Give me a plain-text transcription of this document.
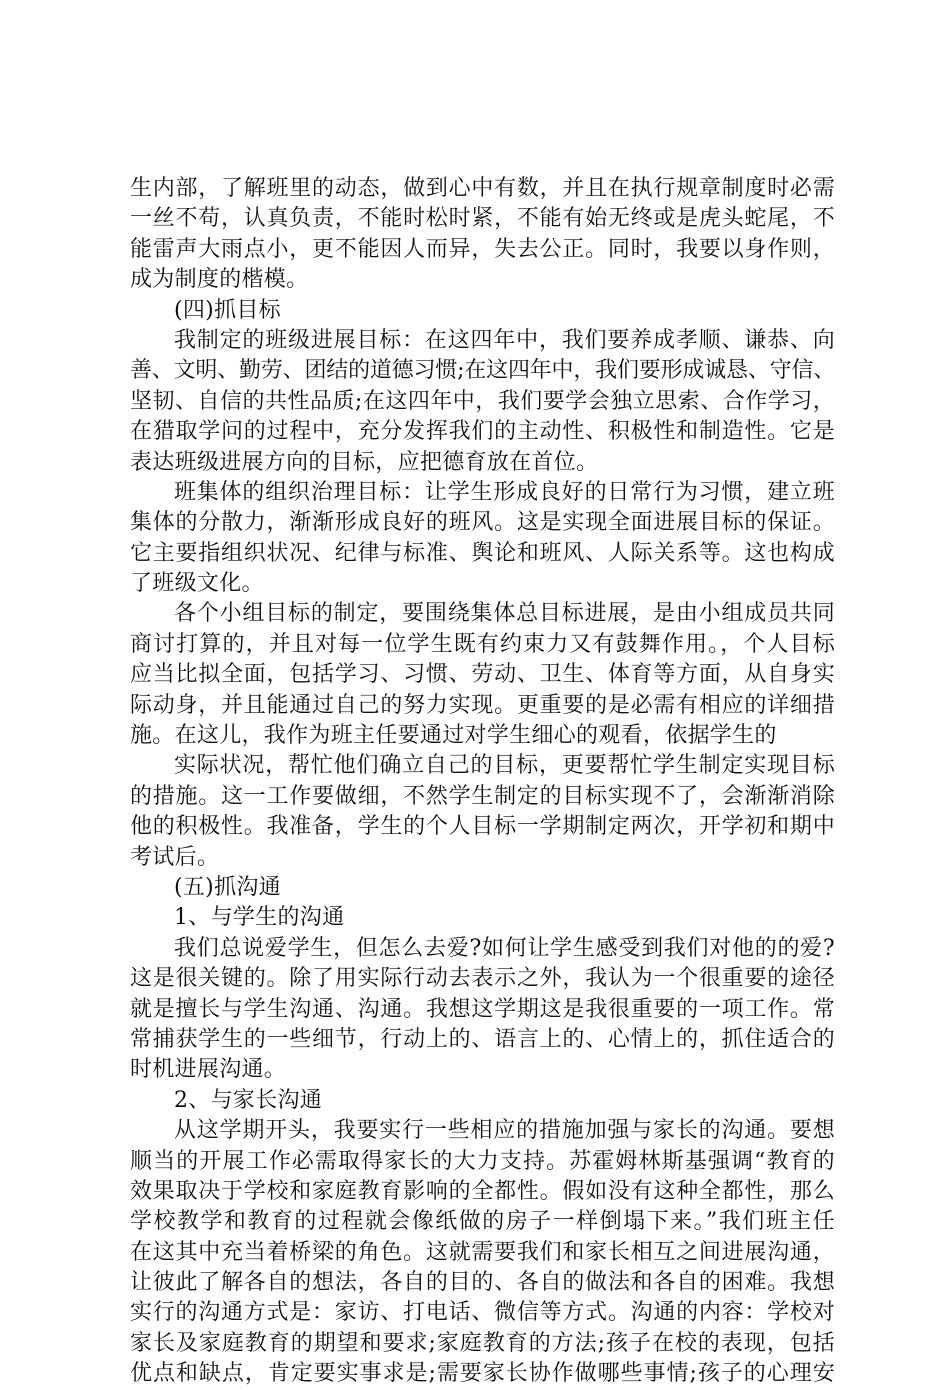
生内部，了解班里的动态，做到心中有数，并且在执行规章制度时必需
一丝不苟，认真负责，不能时松时紧，不能有始无终或是虎头蛇尾，不
能雷声大雨点小，更不能因人而异，失去公正。同时，我要以身作则，
成为制度的楷模。
(四)抓目标
我制定的班级进展目标：在这四年中，我们要养成孝顺、谦恭、向
善、文明、勤劳、团结的道德习惯;在这四年中，我们要形成诚恳、守信、
坚韧、自信的共性品质;在这四年中，我们要学会独立思索、合作学习，
在猎取学问的过程中，充分发挥我们的主动性、积极性和制造性。它是
表达班级进展方向的目标，应把德育放在首位。
班集体的组织治理目标：让学生形成良好的日常行为习惯，建立班
集体的分散力，渐渐形成良好的班风。这是实现全面进展目标的保证。
它主要指组织状况、纪律与标准、舆论和班风、人际关系等。这也构成
了班级文化。
各个小组目标的制定，要围绕集体总目标进展，是由小组成员共同
商讨打算的，并且对每一位学生既有约束力又有鼓舞作用。，个人目标
应当比拟全面，包括学习、习惯、劳动、卫生、体育等方面，从自身实
际动身，并且能通过自己的努力实现。更重要的是必需有相应的详细措
施。在这儿，我作为班主任要通过对学生细心的观看，依据学生的
实际状况，帮忙他们确立自己的目标，更要帮忙学生制定实现目标
的措施。这一工作要做细，不然学生制定的目标实现不了，会渐渐消除
他的积极性。我准备，学生的个人目标一学期制定两次，开学初和期中
考试后。
(五)抓沟通
1、与学生的沟通
我们总说爱学生，但怎么去爱?如何让学生感受到我们对他的的爱?
这是很关键的。除了用实际行动去表示之外，我认为一个很重要的途径
就是擅长与学生沟通、沟通。我想这学期这是我很重要的一项工作。常
常捕获学生的一些细节，行动上的、语言上的、心情上的，抓住适合的
时机进展沟通。
2、与家长沟通
从这学期开头，我要实行一些相应的措施加强与家长的沟通。要想
顺当的开展工作必需取得家长的大力支持。苏霍姆林斯基强调“教育的
效果取决于学校和家庭教育影响的全都性。假如没有这种全都性，那么
学校教学和教育的过程就会像纸做的房子一样倒塌下来。”我们班主任
在这其中充当着桥梁的角色。这就需要我们和家长相互之间进展沟通，
让彼此了解各自的想法，各自的目的、各自的做法和各自的困难。我想
实行的沟通方式是：家访、打电话、微信等方式。沟通的内容：学校对
家长及家庭教育的期望和要求;家庭教育的方法;孩子在校的表现，包括
优点和缺点，肯定要实事求是;需要家长协作做哪些事情;孩子的心理安
